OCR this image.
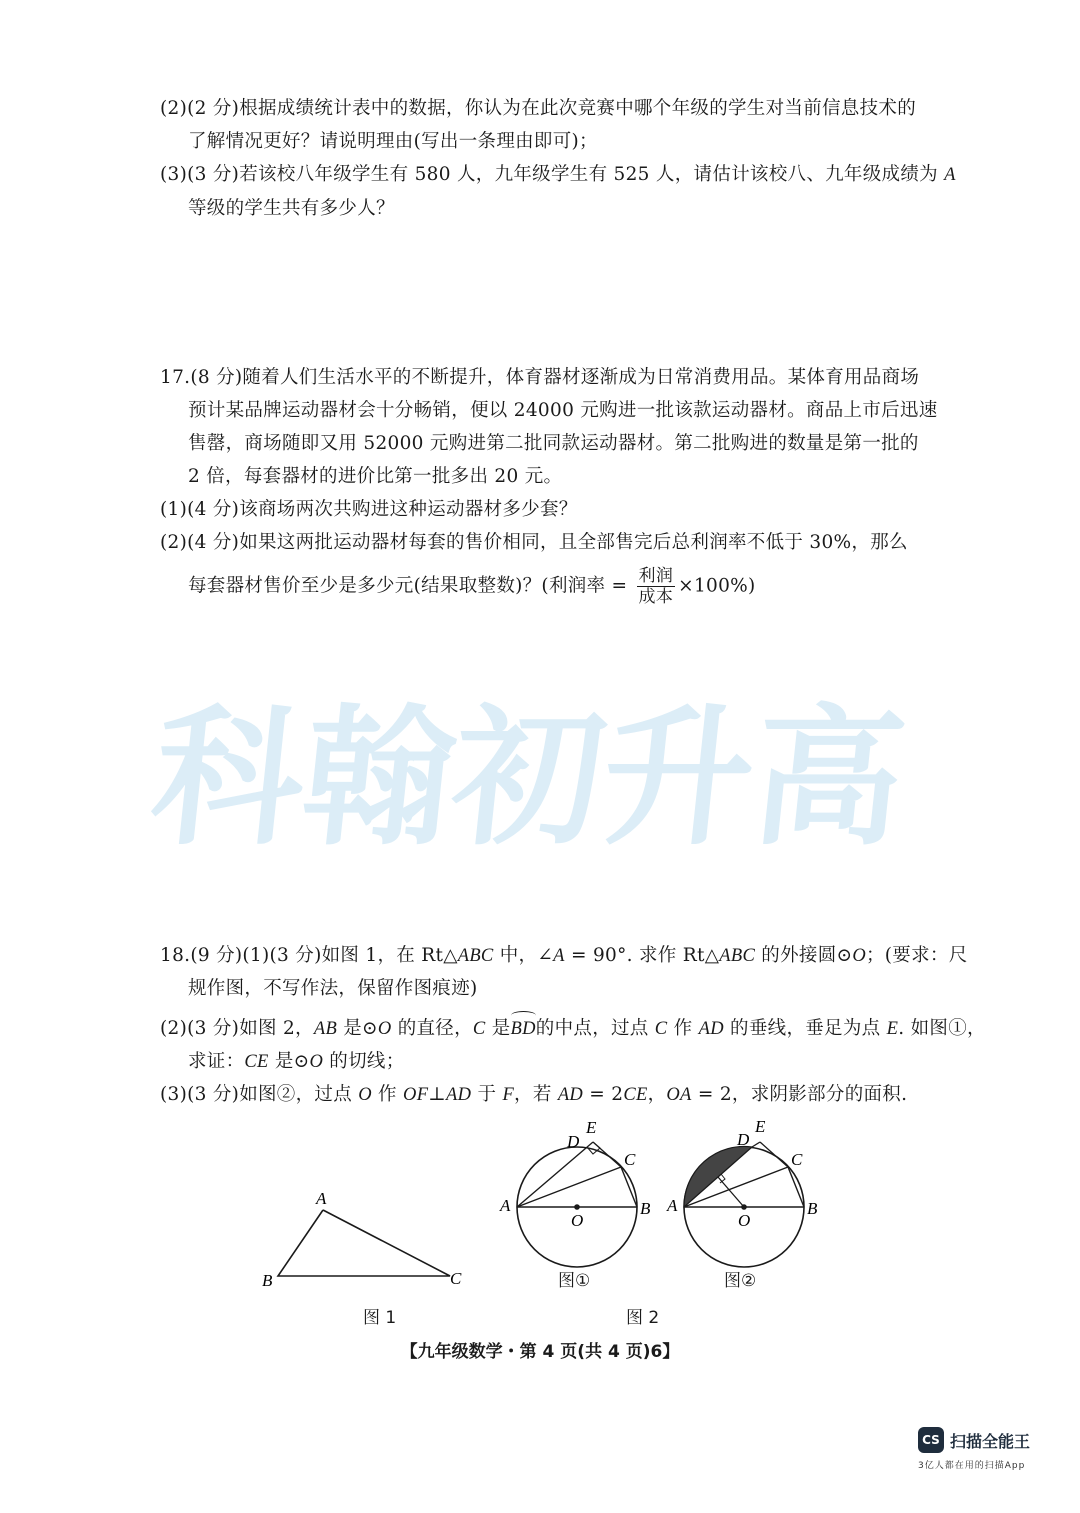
(2)(2 分)根据成绩统计表中的数据，你认为在此次竞赛中哪个年级的学生对当前信息技术的
了解情况更好？请说明理由(写出一条理由即可)；
(3)(3 分)若该校八年级学生有 580 人，九年级学生有 525 人，请估计该校八、九年级成绩为 A
等级的学生共有多少人？
17.(8 分)随着人们生活水平的不断提升，体育器材逐渐成为日常消费用品。某体育用品商场
预计某品牌运动器材会十分畅销，便以 24000 元购进一批该款运动器材。商品上市后迅速
售罄，商场随即又用 52000 元购进第二批同款运动器材。第二批购进的数量是第一批的
2 倍，每套器材的进价比第一批多出 20 元。
(1)(4 分)该商场两次共购进这种运动器材多少套？
(2)(4 分)如果这两批运动器材每套的售价相同，且全部售完后总利润率不低于 30%，那么
每套器材售价至少是多少元(结果取整数)？(利润率 = $\frac{\text{利润}}{\text{成本}} \times 100\%$)
科翰初升高
18.(9 分)(1)(3 分)如图 1，在 Rt△ABC 中，∠A = 90°. 求作 Rt△ABC 的外接圆⊙O；(要求：尺
规作图，不写作法，保留作图痕迹)
(2)(3 分)如图 2，AB 是⊙O 的直径，C 是BD的中点，过点 C 作 AD 的垂线，垂足为点 E. 如图①，
求证：CE 是⊙O 的切线；
(3)(3 分)如图②，过点 O 作 OF⊥AD 于 F，若 AD = 2CE，OA = 2，求阴影部分的面积.
A
B	C
图 1
A	B
C
D
E
O
图①
A	B
C
D
E
O
图②
图 2
【九年级数学・第 4 页(共 4 页)6】
CS 扫描全能王
3亿人都在用的扫描App
